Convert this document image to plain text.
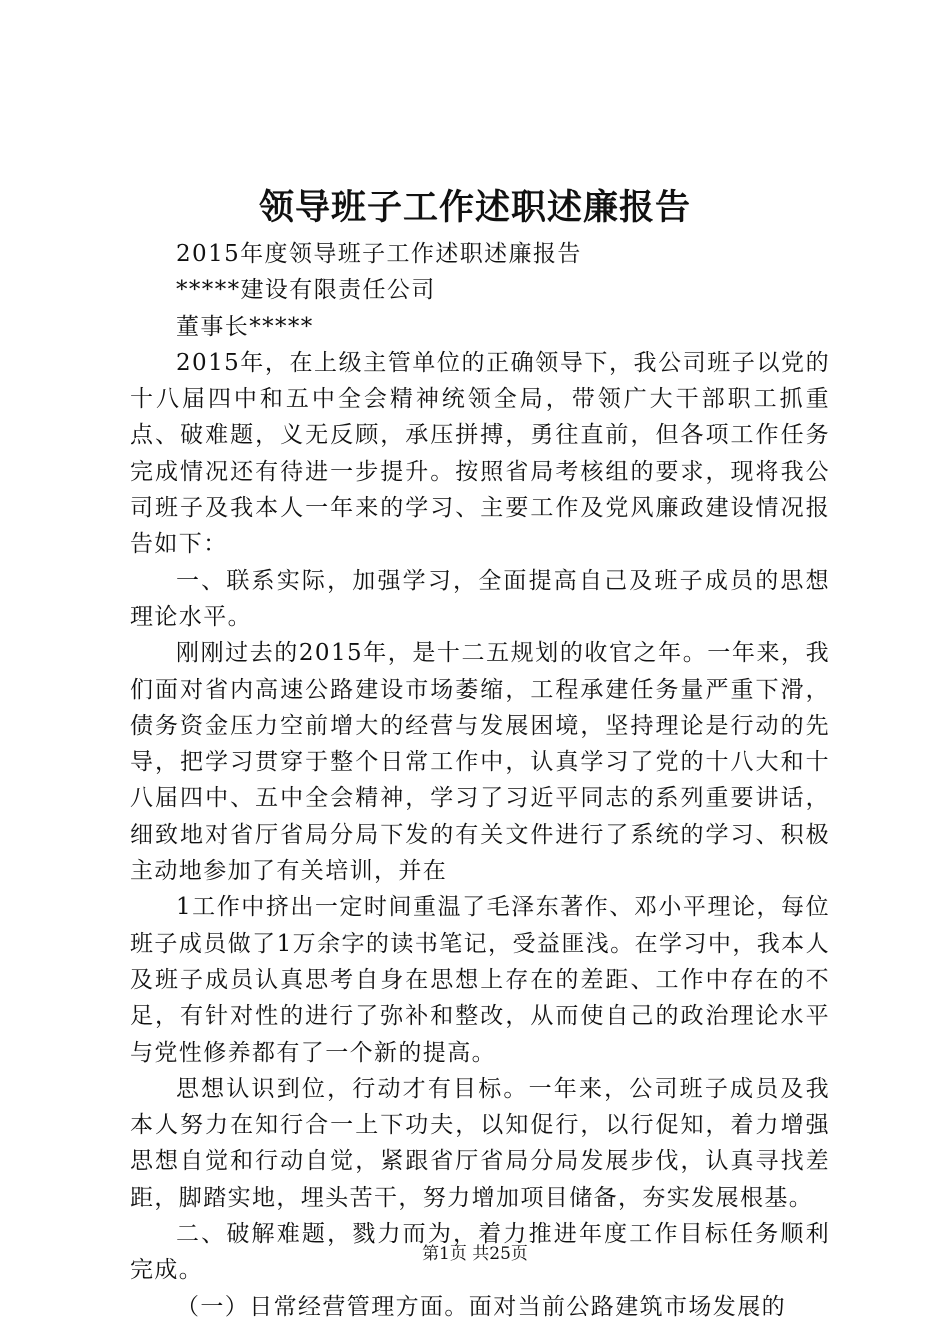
领导班子工作述职述廉报告

2015年度领导班子工作述职述廉报告

*****建设有限责任公司

董事长*****

2015年，在上级主管单位的正确领导下，我公司班子以党的十八届四中和五中全会精神统领全局，带领广大干部职工抓重点、破难题，义无反顾，承压拼搏，勇往直前，但各项工作任务完成情况还有待进一步提升。按照省局考核组的要求，现将我公司班子及我本人一年来的学习、主要工作及党风廉政建设情况报告如下：

一、联系实际，加强学习，全面提高自己及班子成员的思想理论水平。

刚刚过去的2015年，是十二五规划的收官之年。一年来，我们面对省内高速公路建设市场萎缩，工程承建任务量严重下滑，债务资金压力空前增大的经营与发展困境，坚持理论是行动的先导，把学习贯穿于整个日常工作中，认真学习了党的十八大和十八届四中、五中全会精神，学习了习近平同志的系列重要讲话，细致地对省厅省局分局下发的有关文件进行了系统的学习、积极主动地参加了有关培训，并在

1工作中挤出一定时间重温了毛泽东著作、邓小平理论，每位班子成员做了1万余字的读书笔记，受益匪浅。在学习中，我本人及班子成员认真思考自身在思想上存在的差距、工作中存在的不足，有针对性的进行了弥补和整改，从而使自己的政治理论水平与党性修养都有了一个新的提高。

思想认识到位，行动才有目标。一年来，公司班子成员及我本人努力在知行合一上下功夫，以知促行，以行促知，着力增强思想自觉和行动自觉，紧跟省厅省局分局发展步伐，认真寻找差距，脚踏实地，埋头苦干，努力增加项目储备，夯实发展根基。

二、破解难题，戮力而为，着力推进年度工作目标任务顺利完成。

（一）日常经营管理方面。面对当前公路建筑市场发展的

第1页 共25页
